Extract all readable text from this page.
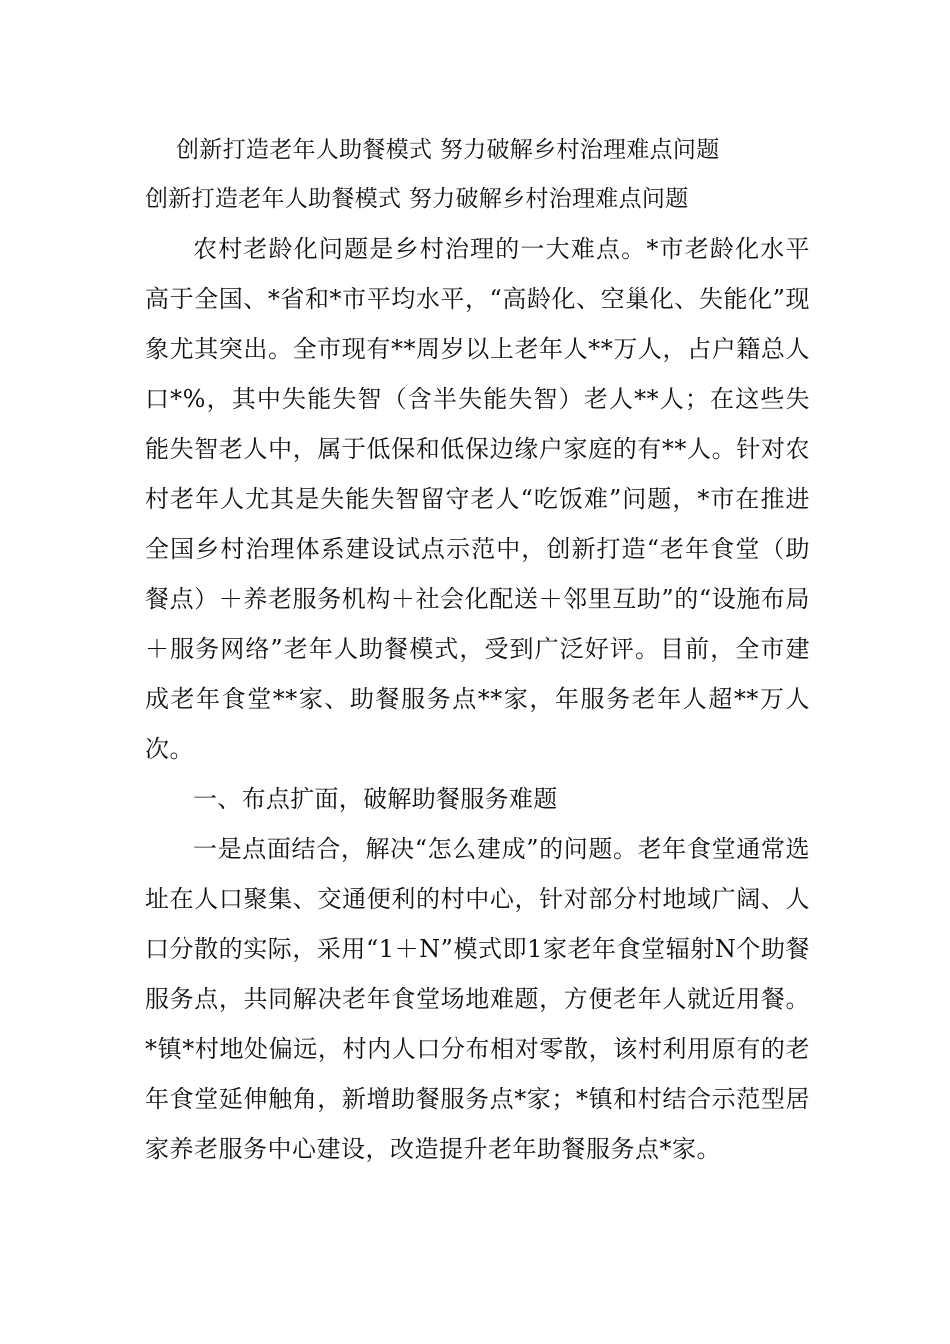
创新打造老年人助餐模式 努力破解乡村治理难点问题
创新打造老年人助餐模式 努力破解乡村治理难点问题

农村老龄化问题是乡村治理的一大难点。*市老龄化水平高于全国、*省和*市平均水平，“高龄化、空巢化、失能化”现象尤其突出。全市现有**周岁以上老年人**万人，占户籍总人口*%，其中失能失智（含半失能失智）老人**人；在这些失能失智老人中，属于低保和低保边缘户家庭的有**人。针对农村老年人尤其是失能失智留守老人“吃饭难”问题，*市在推进全国乡村治理体系建设试点示范中，创新打造“老年食堂（助餐点）＋养老服务机构＋社会化配送＋邻里互助”的“设施布局＋服务网络”老年人助餐模式，受到广泛好评。目前，全市建成老年食堂**家、助餐服务点**家，年服务老年人超**万人次。

一、布点扩面，破解助餐服务难题

一是点面结合，解决“怎么建成”的问题。老年食堂通常选址在人口聚集、交通便利的村中心，针对部分村地域广阔、人口分散的实际，采用“1＋N”模式即1家老年食堂辐射N个助餐服务点，共同解决老年食堂场地难题，方便老年人就近用餐。*镇*村地处偏远，村内人口分布相对零散，该村利用原有的老年食堂延伸触角，新增助餐服务点*家；*镇和村结合示范型居家养老服务中心建设，改造提升老年助餐服务点*家。
